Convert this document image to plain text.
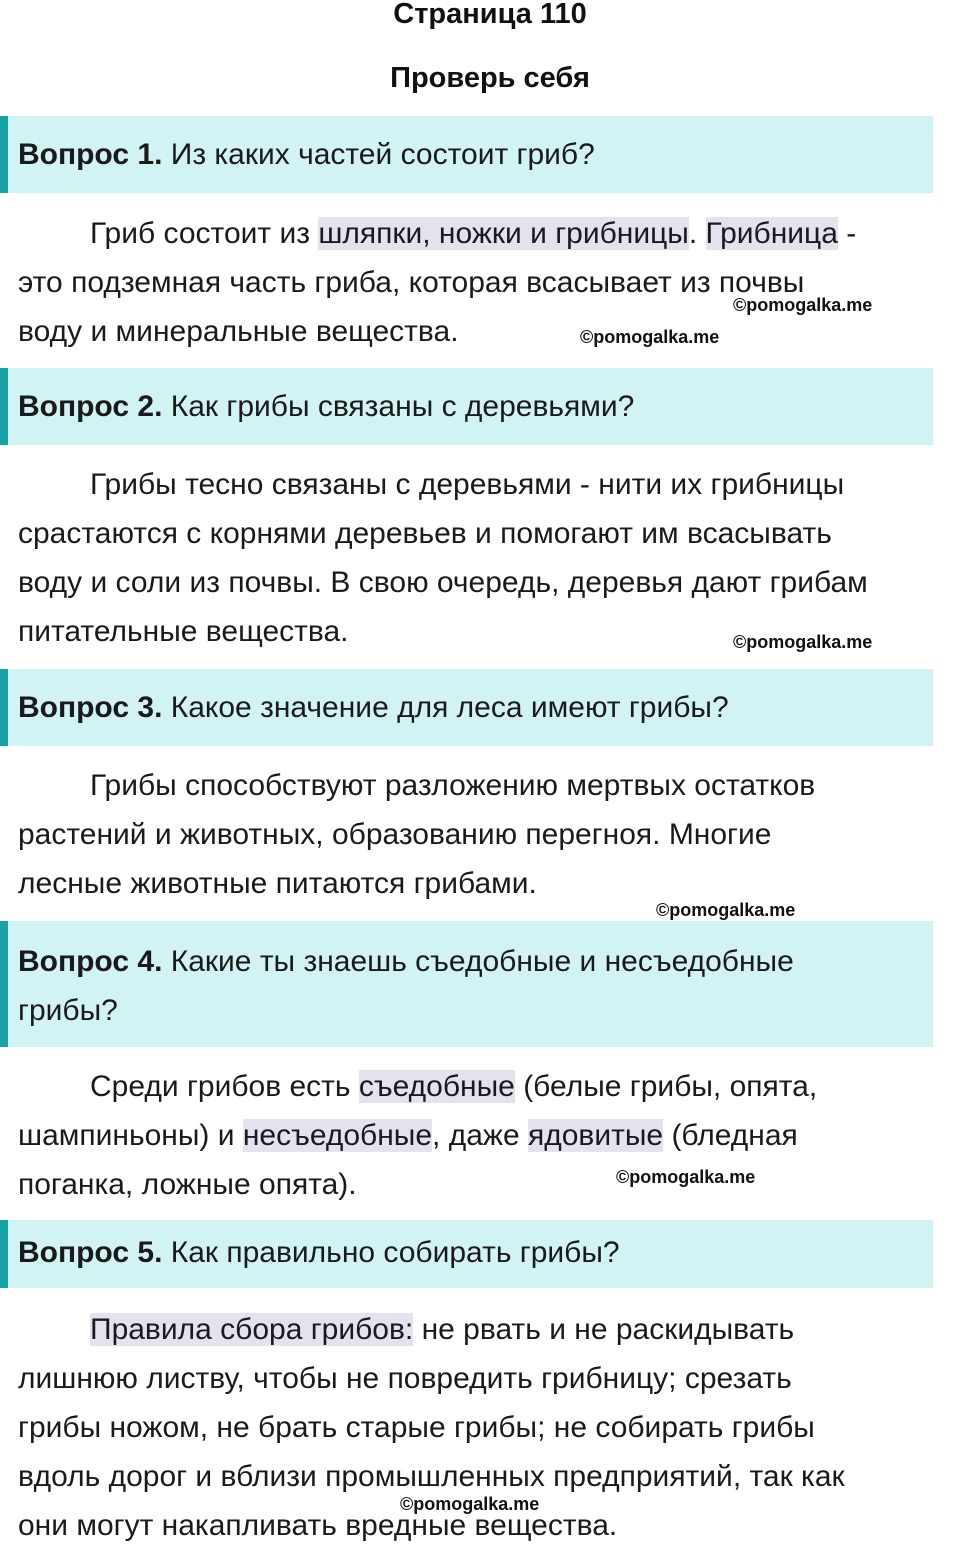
Страница 110
Проверь себя
Вопрос 1. Из каких частей состоит гриб?
Гриб состоит из шляпки, ножки и грибницы. Грибница -
это подземная часть гриба, которая всасывает из почвы
воду и минеральные вещества.
©pomogalka.me
©pomogalka.me
Вопрос 2. Как грибы связаны с деревьями?
Грибы тесно связаны с деревьями - нити их грибницы
срастаются с корнями деревьев и помогают им всасывать
воду и соли из почвы. В свою очередь, деревья дают грибам
питательные вещества.	©pomogalka.me
Вопрос 3. Какое значение для леса имеют грибы?
Грибы способствуют разложению мертвых остатков
растений и животных, образованию перегноя. Многие
лесные животные питаются грибами.
©pomogalka.me
Вопрос 4. Какие ты знаешь съедобные и несъедобные
грибы?
Среди грибов есть съедобные (белые грибы, опята,
шампиньоны) и несъедобные, даже ядовитые (бледная
поганка, ложные опята).	©pomogalka.me
Вопрос 5. Как правильно собирать грибы?
Правила сбора грибов: не рвать и не раскидывать
лишнюю листву, чтобы не повредить грибницу; срезать
грибы ножом, не брать старые грибы; не собирать грибы
вдоль дорог и вблизи промышленных предприятий, так как
они могут накапливать вредные вещества.
©pomogalka.me
